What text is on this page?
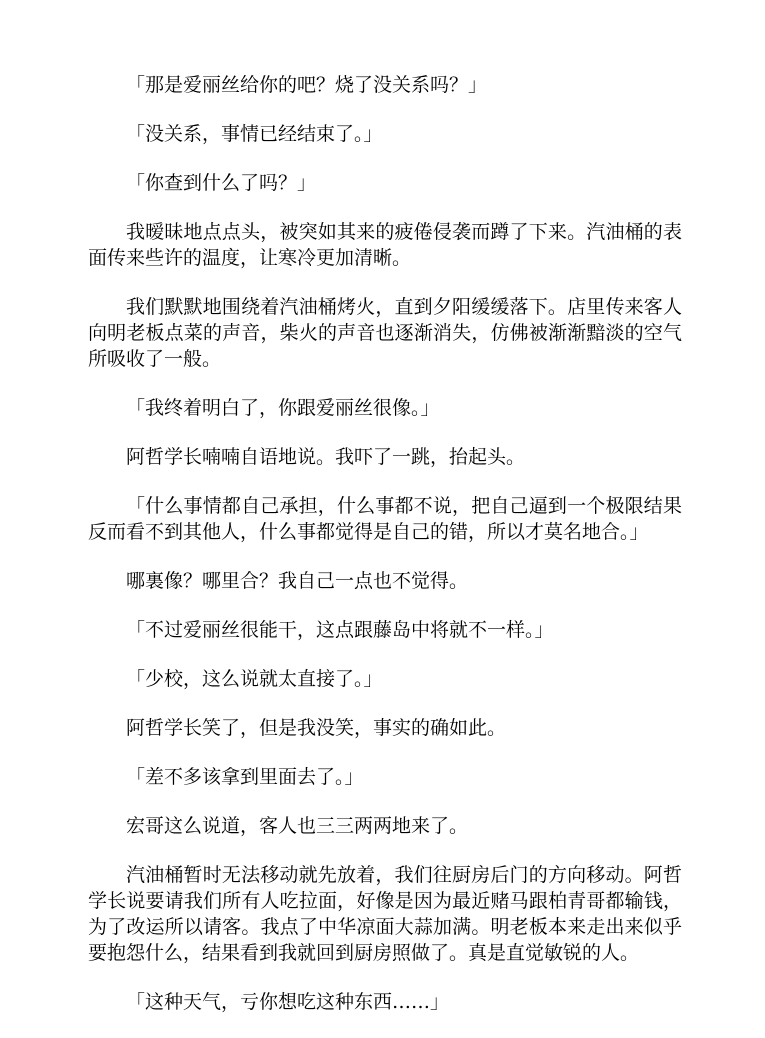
「那是爱丽丝给你的吧？烧了没关系吗？」

「没关系，事情已经结束了。」

「你查到什么了吗？」

我暧昧地点点头，被突如其来的疲倦侵袭而蹲了下来。汽油桶的表面传来些许的温度，让寒冷更加清晰。

我们默默地围绕着汽油桶烤火，直到夕阳缓缓落下。店里传来客人向明老板点菜的声音，柴火的声音也逐渐消失，仿佛被渐渐黯淡的空气所吸收了一般。

「我终着明白了，你跟爱丽丝很像。」

阿哲学长喃喃自语地说。我吓了一跳，抬起头。

「什么事情都自己承担，什么事都不说，把自己逼到一个极限结果反而看不到其他人，什么事都觉得是自己的错，所以才莫名地合。」

哪裏像？哪里合？我自己一点也不觉得。

「不过爱丽丝很能干，这点跟藤岛中将就不一样。」

「少校，这么说就太直接了。」

阿哲学长笑了，但是我没笑，事实的确如此。

「差不多该拿到里面去了。」

宏哥这么说道，客人也三三两两地来了。

汽油桶暂时无法移动就先放着，我们往厨房后门的方向移动。阿哲学长说要请我们所有人吃拉面，好像是因为最近赌马跟柏青哥都输钱，为了改运所以请客。我点了中华凉面大蒜加满。明老板本来走出来似乎要抱怨什么，结果看到我就回到厨房照做了。真是直觉敏锐的人。

「这种天气，亏你想吃这种东西……」
